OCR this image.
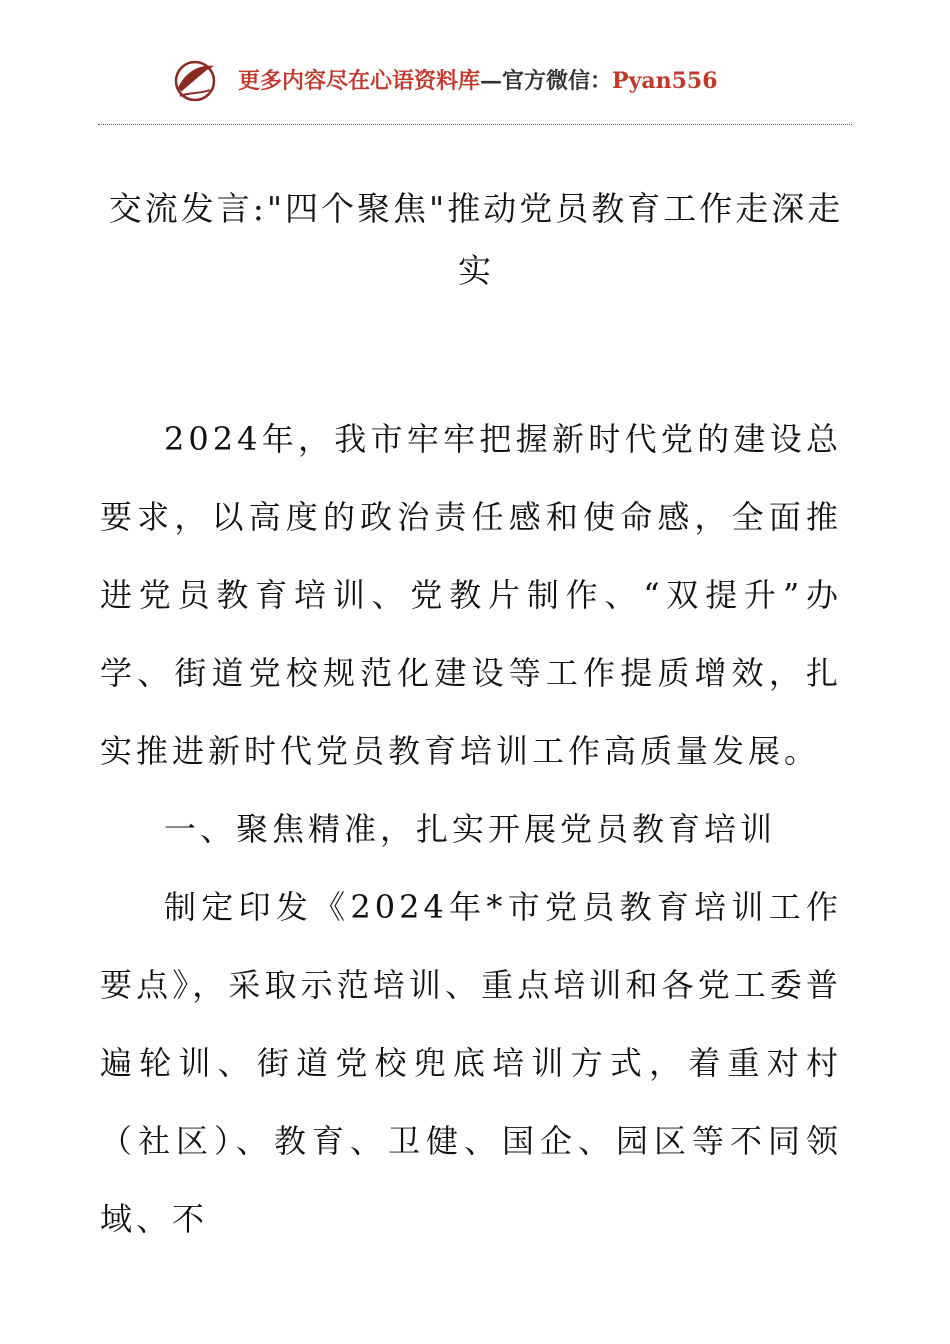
更多内容尽在心语资料库—官方微信：Pyan556
交流发言:"四个聚焦"推动党员教育工作走深走
实

2024年，我市牢牢把握新时代党的建设总要求，以高度的政治责任感和使命感，全面推进党员教育培训、党教片制作、“双提升”办学、街道党校规范化建设等工作提质增效，扎实推进新时代党员教育培训工作高质量发展。

一、聚焦精准，扎实开展党员教育培训

制定印发《2024年*市党员教育培训工作要点》，采取示范培训、重点培训和各党工委普遍轮训、街道党校兜底培训方式，着重对村（社区）、教育、卫健、国企、园区等不同领域、不
